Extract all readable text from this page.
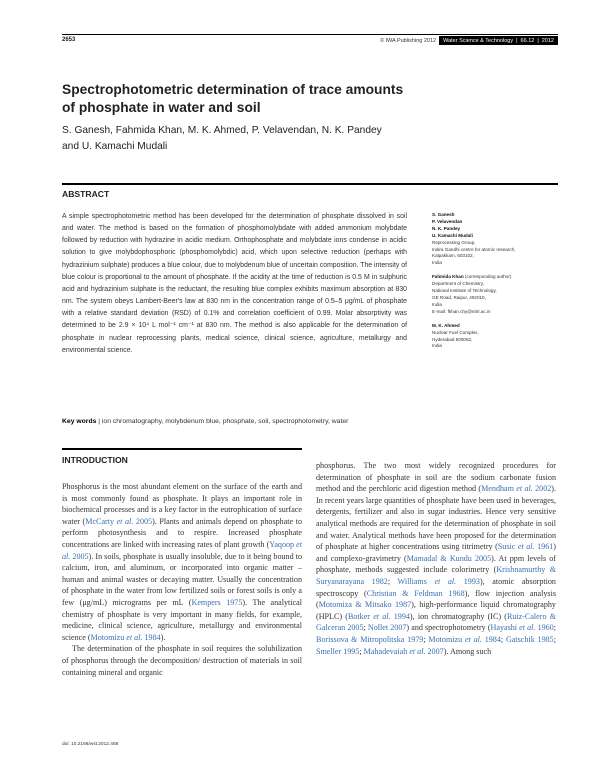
2653	© IWA Publishing 2012 Water Science & Technology | 66.12 | 2012
Spectrophotometric determination of trace amounts
of phosphate in water and soil
S. Ganesh, Fahmida Khan, M. K. Ahmed, P. Velavendan, N. K. Pandey
and U. Kamachi Mudali
ABSTRACT
A simple spectrophotometric method has been developed for the determination of phosphate dissolved in soil and water. The method is based on the formation of phosphomolybdate with added ammonium molybdate followed by reduction with hydrazine in acidic medium. Orthophosphate and molybdate ions condense in acidic solution to give molybdophosphoric (phosphomolybdic) acid, which upon selective reduction (perhaps with hydrazinium sulphate) produces a blue colour, due to molybdenum blue of uncertain composition. The intensity of blue colour is proportional to the amount of phosphate. If the acidity at the time of reduction is 0.5 M in sulphuric acid and hydrazinium sulphate is the reductant, the resulting blue complex exhibits maximum absorption at 830 nm. The system obeys Lambert-Beer's law at 830 nm in the concentration range of 0.5–5 μg/mL of phosphate with a relative standard deviation (RSD) of 0.1% and correlation coefficient of 0.99. Molar absorptivity was determined to be 2.9 × 10⁴ L mol⁻¹ cm⁻¹ at 830 nm. The method is also applicable for the determination of phosphate in nuclear reprocessing plants, medical science, clinical science, agriculture, metallurgy and environmental science.
Key words | ion chromatography, molybdenum blue, phosphate, soil, spectrophotometry, water
S. Ganesh
P. Velavendan
N. K. Pandey
U. Kamachi Mudali
Reprocessing Group,
Indira Gandhi centre for atomic research,
Kalpakkam, 603102,
India
Fahmida Khan (corresponding author)
Department of Chemistry,
National Institute of Technology,
GE Road, Raipur, 492010,
India
E-mail: fkhan.chy@nitrr.ac.in
M. K. Ahmed
Nuclear Fuel Complex,
Hyderabad 500062,
India
INTRODUCTION

Phosphorus is the most abundant element on the surface of the earth and is most commonly found as phosphate. It plays an important role in biochemical processes and is a key factor in the eutrophication of surface water (McCarty et al. 2005). Plants and animals depend on phosphate to perform photosynthesis and to respire. Increased phosphate concentrations are linked with increasing rates of plant growth (Yaqoop et al. 2005). In soils, phosphate is usually insoluble, due to it being bound to calcium, iron, and aluminum, or incorporated into organic matter – human and animal wastes or decaying matter. Usually the concentration of phosphate in the water from low fertilized soils or forest soils is only a few (μg/mL) micrograms per mL (Kempers 1975). The analytical chemistry of phosphate is very important in many fields, for example, medicine, clinical science, agriculture, metallurgy and environmental science (Motomizu et al. 1984).

The determination of the phosphate in soil requires the solubilization of phosphorus through the decomposition/ destruction of materials in soil containing mineral and organic

phosphorus. The two most widely recognized procedures for determination of phosphate in soil are the sodium carbonate fusion method and the perchloric acid digestion method (Mendham et al. 2002). In recent years large quantities of phosphate have been used in beverages, detergents, fertilizer and also in sugar industries. Hence very sensitive analytical methods are required for the determination of phosphate in soil and water. Analytical methods have been proposed for the determination of phosphate at higher concentrations using titrimetry (Susic et al. 1961) and complexo-gravimetry (Mamadal & Kundu 2005). At ppm levels of phosphate, methods suggested include colorimetry (Krishnamurthy & Suryanarayana 1982; Williams et al. 1993), atomic absorption spectroscopy (Christian & Feldman 1968), flow injection analysis (Motomiza & Mitsako 1987), high-performance liquid chromatography (HPLC) (Botker et al. 1994), ion chromatography (IC) (Ruiz-Calero & Galceran 2005; Nollet 2007) and spectrophotometry (Hayashi et al. 1960; Borissova & Mitropolitska 1979; Motomizu et al. 1984; Gatschik 1985; Smeller 1995; Mahadevaiah et al. 2007). Among such

doi: 10.2166/wst.2012.468
